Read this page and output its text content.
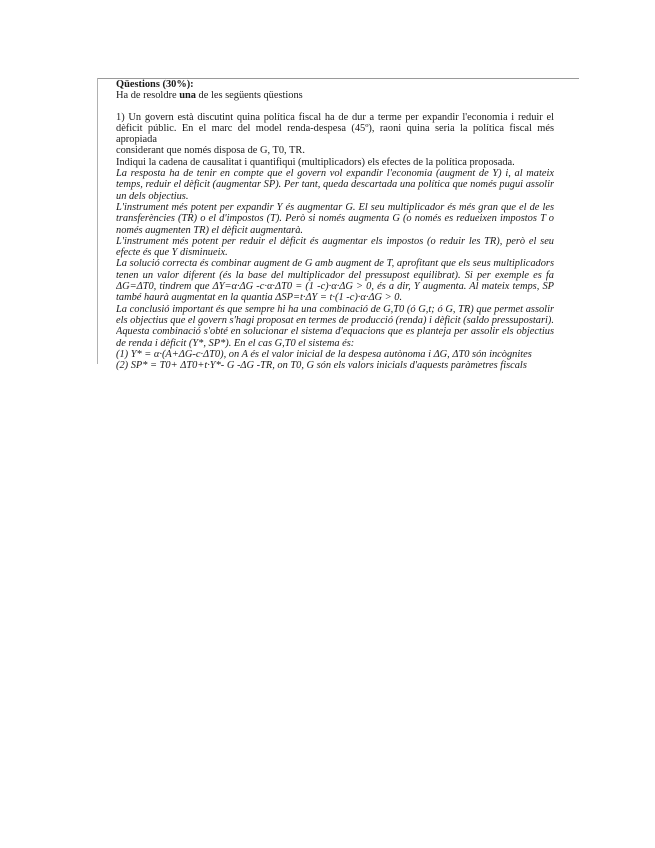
Qüestions (30%):

Ha de resoldre una de les següents qüestions

1) Un govern està discutint quina política fiscal ha de dur a terme per expandir l'economia i reduir el

dèficit públic. En el marc del model renda-despesa (45º), raoni quina seria la política fiscal més apropiada

considerant que només disposa de G, T0, TR.

Indiqui la cadena de causalitat i quantifiqui (multiplicadors) els efectes de la política proposada.

La resposta ha de tenir en compte que el govern vol expandir l'economia (augment de Y) i, al mateix

temps, reduir el dèficit (augmentar SP). Per tant, queda descartada una política que només pugui assolir

un dels objectius.

L'instrument més potent per expandir Y és augmentar G. El seu multiplicador és més gran que el de les

transferències (TR) o el d'impostos (T). Però si només augmenta G (o només es redueixen impostos T o

només augmenten TR) el dèficit augmentarà.

L'instrument més potent per reduir el dèficit és augmentar els impostos (o reduir les TR), però el seu

efecte és que Y disminueix.

La solució correcta és combinar augment de G amb augment de T, aprofitant que els seus multiplicadors

tenen un valor diferent (és la base del multiplicador del pressupost equilibrat). Si per exemple es fa

ΔG=ΔT0, tindrem que ΔY=α·ΔG -c·α·ΔT0 = (1 -c)·α·ΔG > 0, és a dir, Y augmenta. Al mateix temps, SP

també haurà augmentat en la quantia ΔSP=t·ΔY = t·(1 -c)·α·ΔG > 0.

La conclusió important és que sempre hi ha una combinació de G,T0 (ó G,t; ó G, TR) que permet assolir

els objectius que el govern s'hagi proposat en termes de producció (renda) i dèficit (saldo pressupostari).

Aquesta combinació s'obté en solucionar el sistema d'equacions que es planteja per assolir els objectius

de renda i dèficit (Y*, SP*). En el cas G,T0 el sistema és:

(1) Y* = α·(A+ΔG-c·ΔT0), on A és el valor inicial de la despesa autònoma i ΔG, ΔT0 són incògnites

(2) SP* = T0+ ΔT0+t·Y*- G -ΔG -TR, on T0, G són els valors inicials d'aquests paràmetres fiscals
